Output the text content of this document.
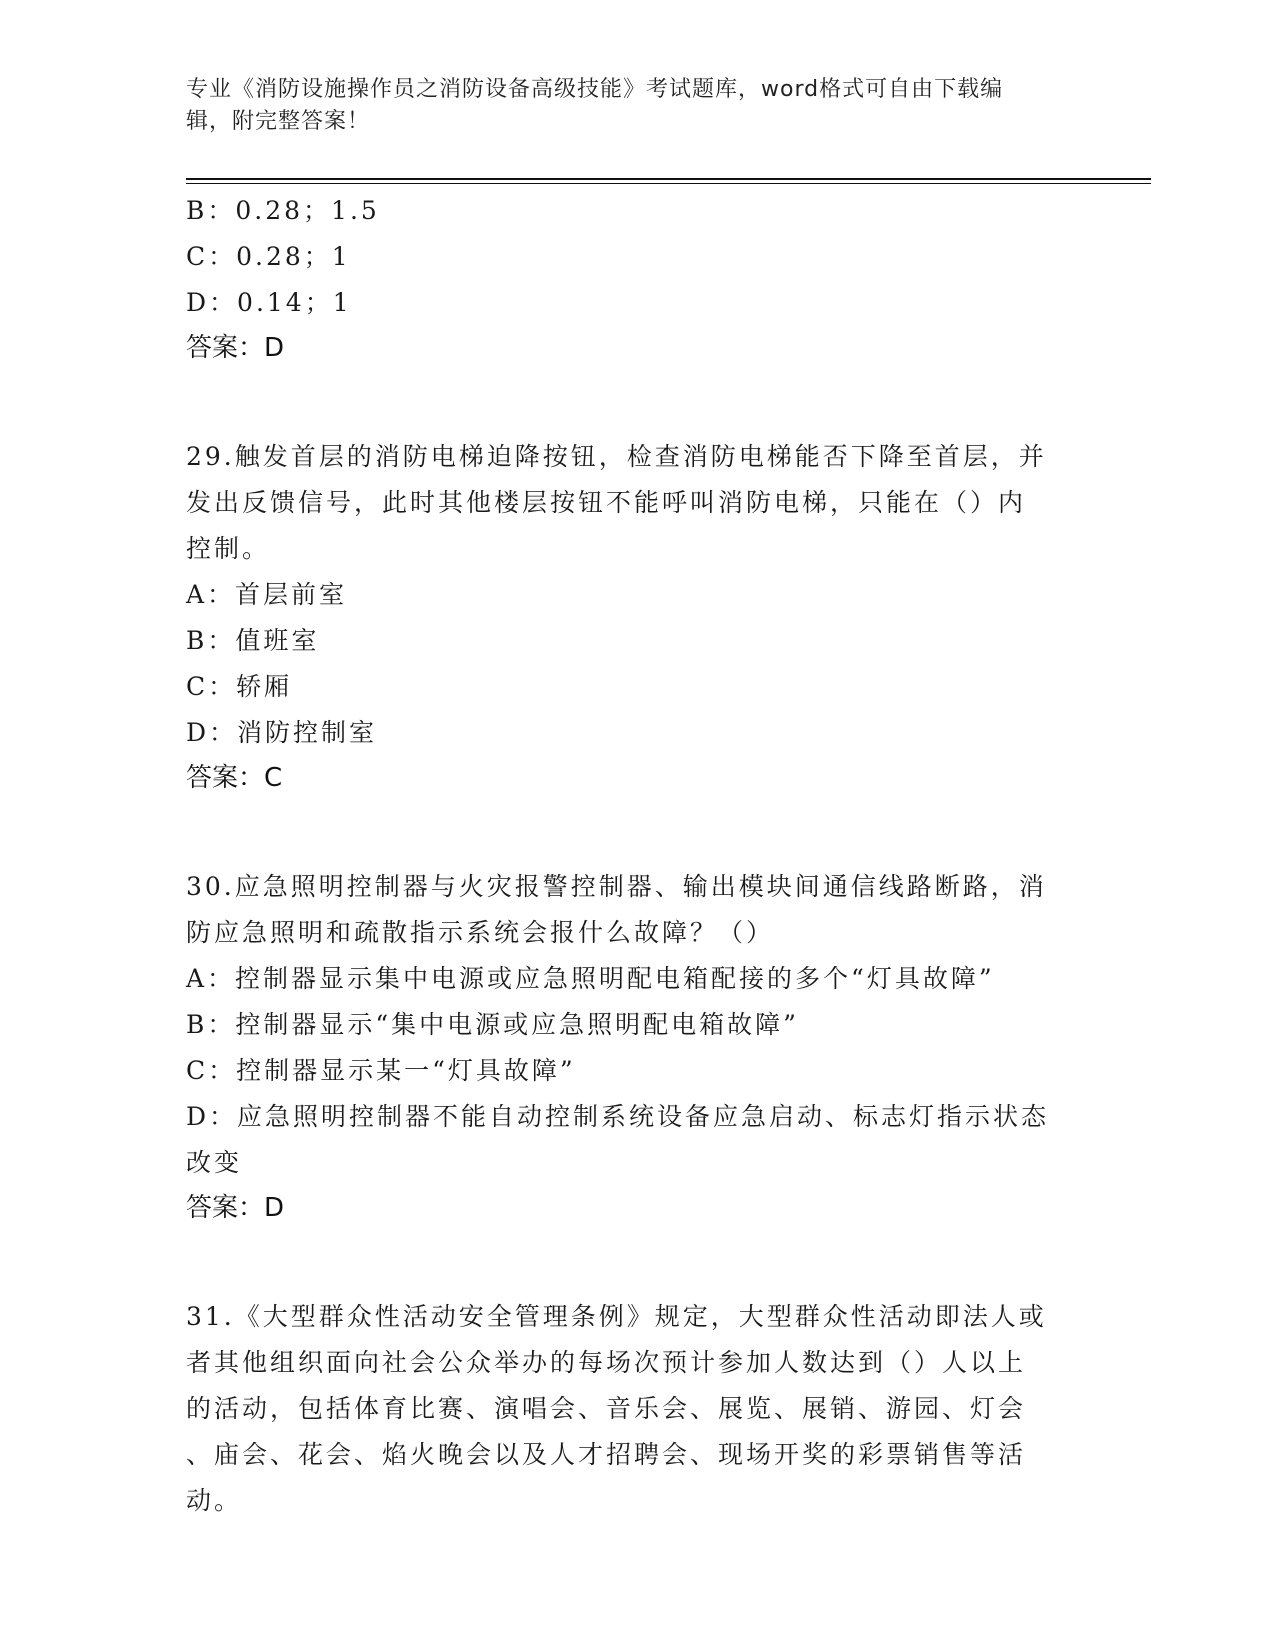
专业《消防设施操作员之消防设备高级技能》考试题库，word格式可自由下载编
辑，附完整答案！
B：0.28；1.5
C：0.28；1
D：0.14；1
答案：D
29.触发首层的消防电梯迫降按钮，检查消防电梯能否下降至首层，并
发出反馈信号，此时其他楼层按钮不能呼叫消防电梯，只能在（）内
控制。
A：首层前室
B：值班室
C：轿厢
D：消防控制室
答案：C
30.应急照明控制器与火灾报警控制器、输出模块间通信线路断路，消
防应急照明和疏散指示系统会报什么故障？（）
A：控制器显示集中电源或应急照明配电箱配接的多个“灯具故障”
B：控制器显示“集中电源或应急照明配电箱故障”
C：控制器显示某一“灯具故障”
D：应急照明控制器不能自动控制系统设备应急启动、标志灯指示状态
改变
答案：D
31.《大型群众性活动安全管理条例》规定，大型群众性活动即法人或
者其他组织面向社会公众举办的每场次预计参加人数达到（）人以上
的活动，包括体育比赛、演唱会、音乐会、展览、展销、游园、灯会
、庙会、花会、焰火晚会以及人才招聘会、现场开奖的彩票销售等活
动。
